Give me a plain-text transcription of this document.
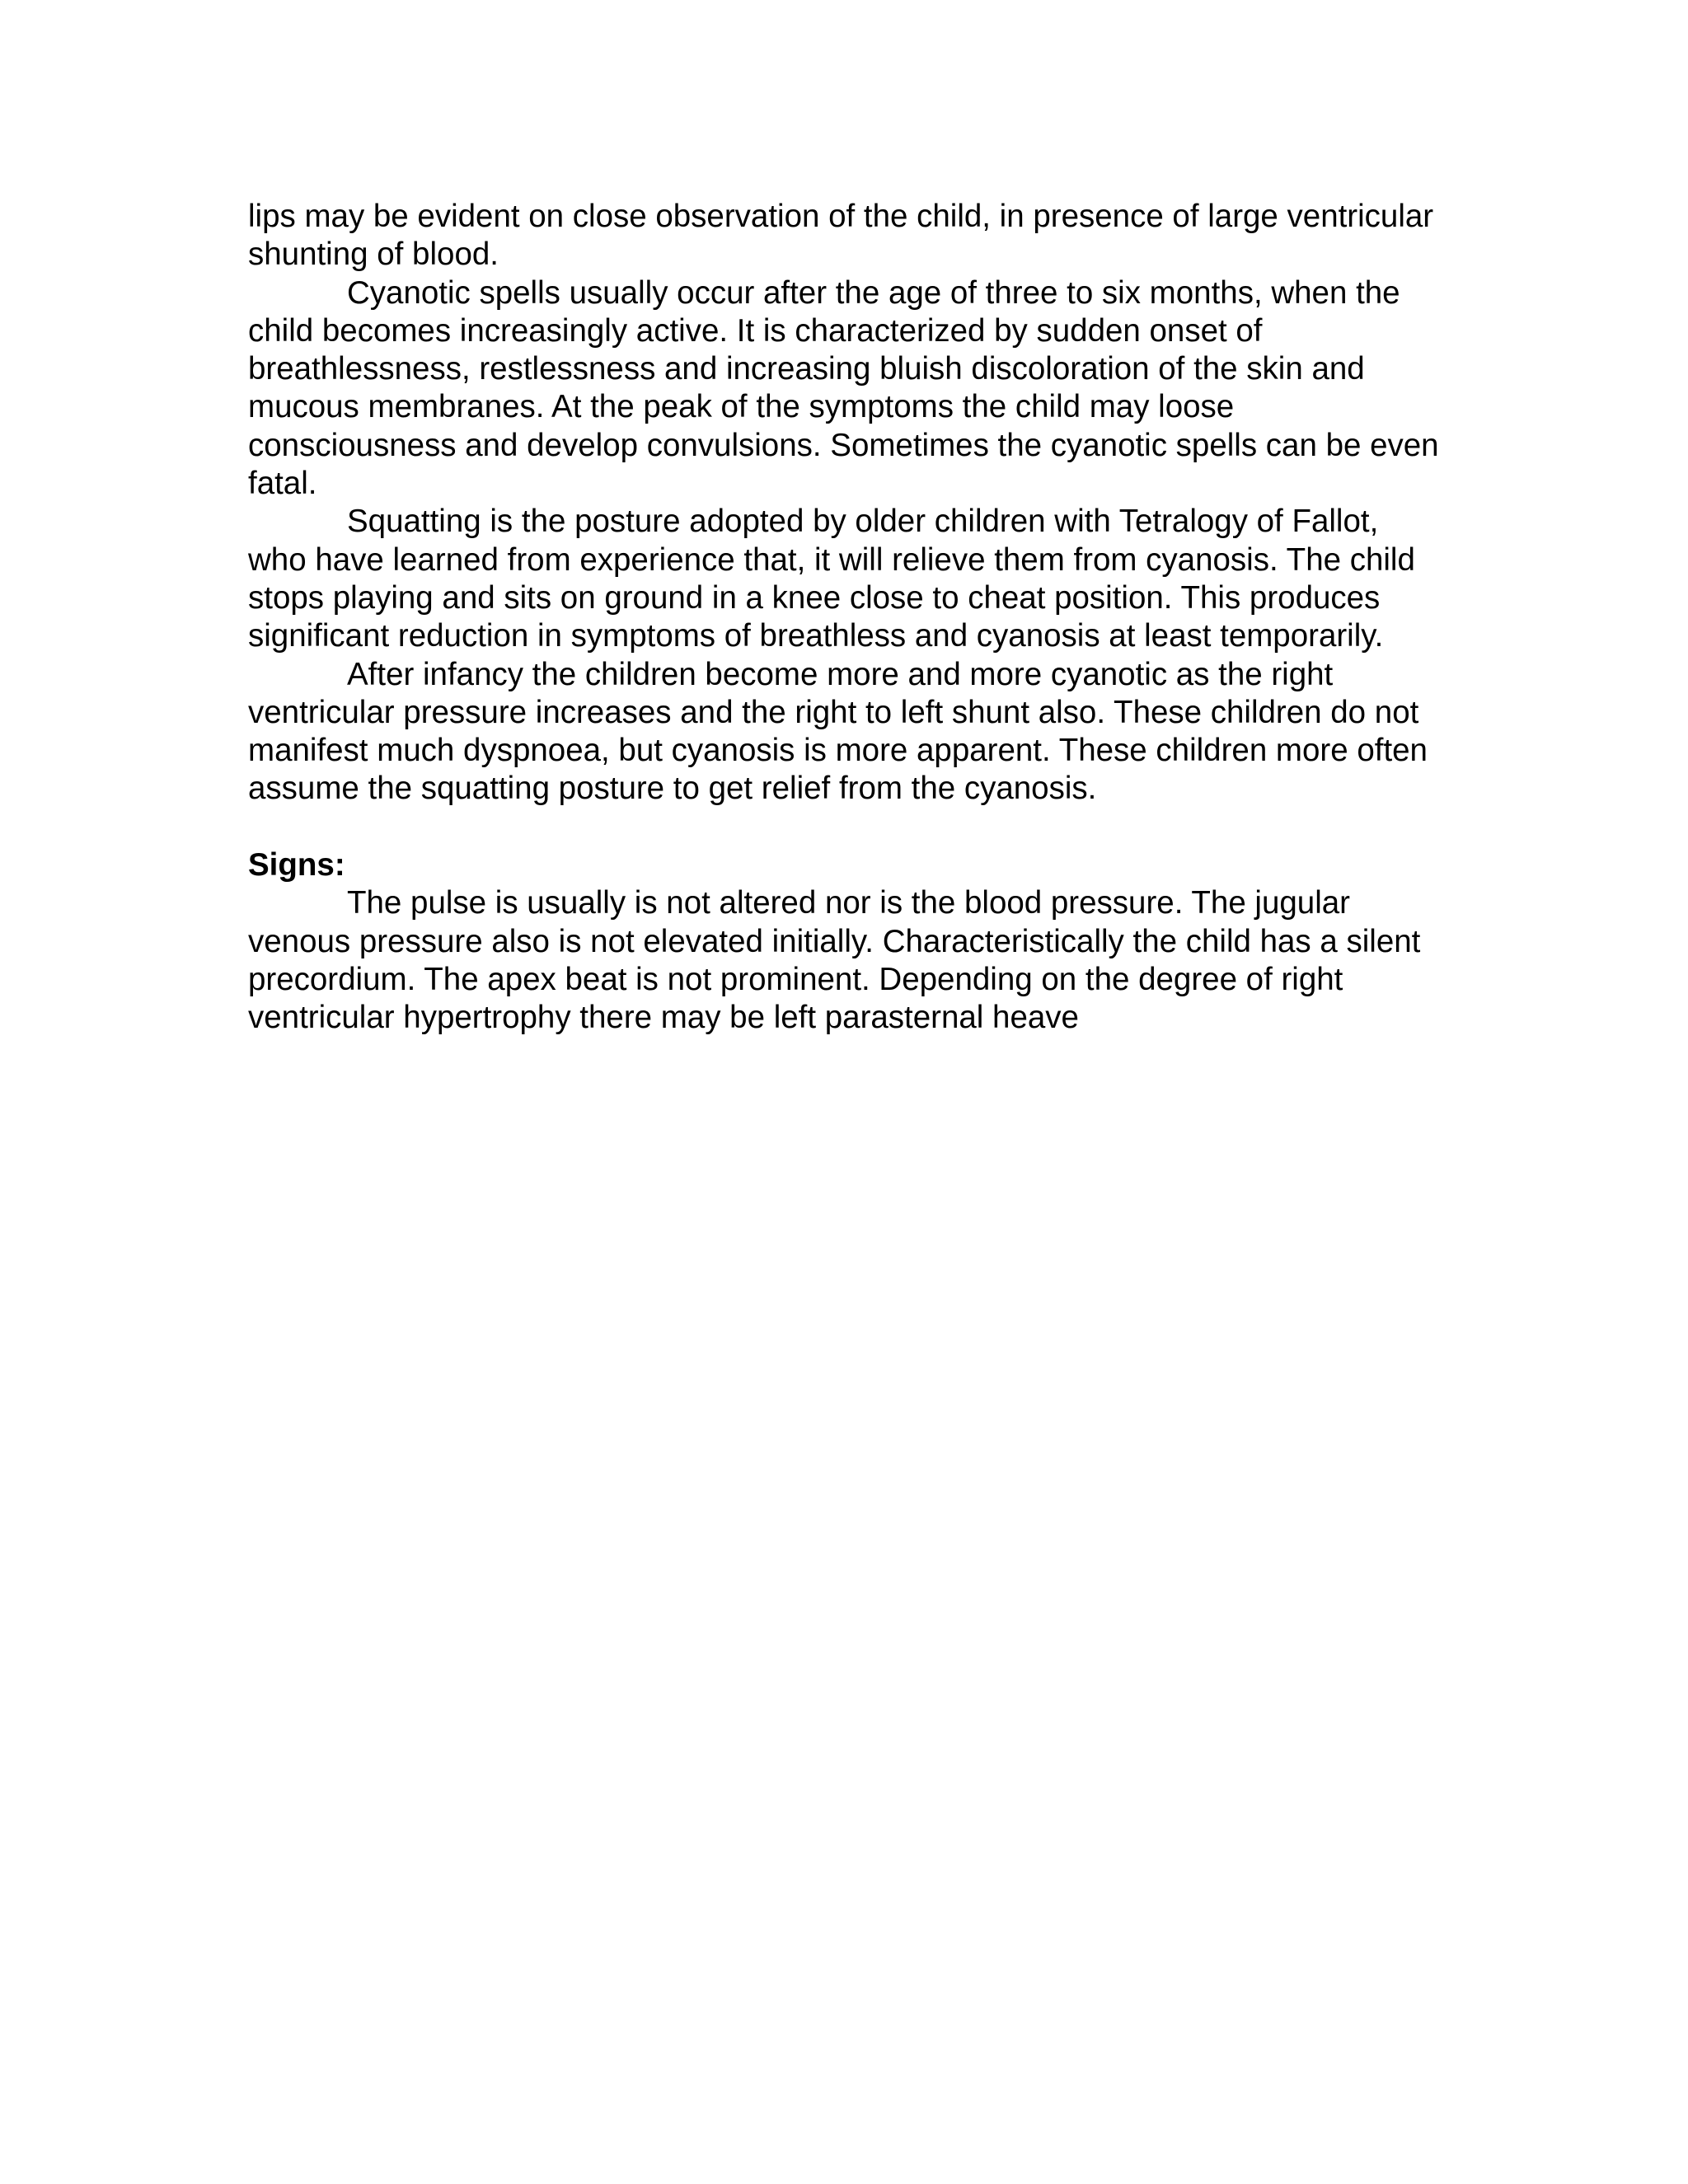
lips may be evident on close observation of the child, in presence of large ventricular shunting of blood.

Cyanotic spells usually occur after the age of three to six months, when the child becomes increasingly active. It is characterized by sudden onset of breathlessness, restlessness and increasing bluish discoloration of the skin and mucous membranes. At the peak of the symptoms the child may loose consciousness and develop convulsions. Sometimes the cyanotic spells can be even fatal.

Squatting is the posture adopted by older children with Tetralogy of Fallot, who have learned from experience that, it will relieve them from cyanosis. The child stops playing and sits on ground in a knee close to cheat position. This produces significant reduction in symptoms of breathless and cyanosis at least temporarily.

After infancy the children become more and more cyanotic as the right ventricular pressure increases and the right to left shunt also. These children do not manifest much dyspnoea, but cyanosis is more apparent. These children more often assume the squatting posture to get relief from the cyanosis.

Signs:

The pulse is usually is not altered nor is the blood pressure. The jugular venous pressure also is not elevated initially. Characteristically the child has a silent precordium. The apex beat is not prominent. Depending on the degree of right ventricular hypertrophy there may be left parasternal heave
